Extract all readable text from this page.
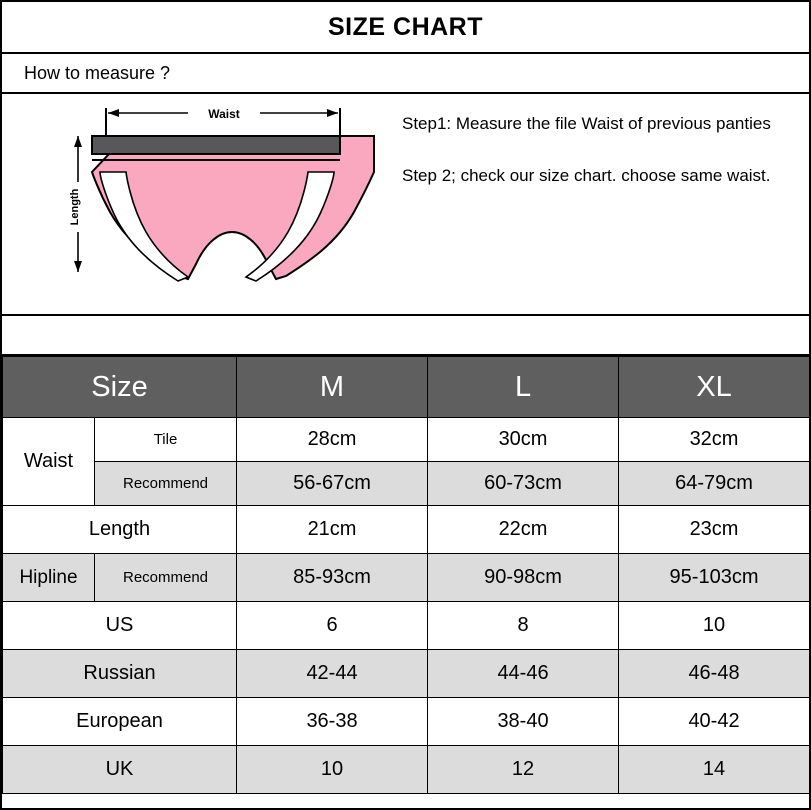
SIZE CHART
How to measure ?
Waist
Length

Step1: Measure the file Waist of previous panties

Step 2; check our size chart. choose same waist.

Size		M	L	XL
Waist	Tile	28cm	30cm	32cm
	Recommend	56-67cm	60-73cm	64-79cm
Length		21cm	22cm	23cm
Hipline	Recommend	85-93cm	90-98cm	95-103cm
US		6	8	10
Russian		42-44	44-46	46-48
European		36-38	38-40	40-42
UK		10	12	14
